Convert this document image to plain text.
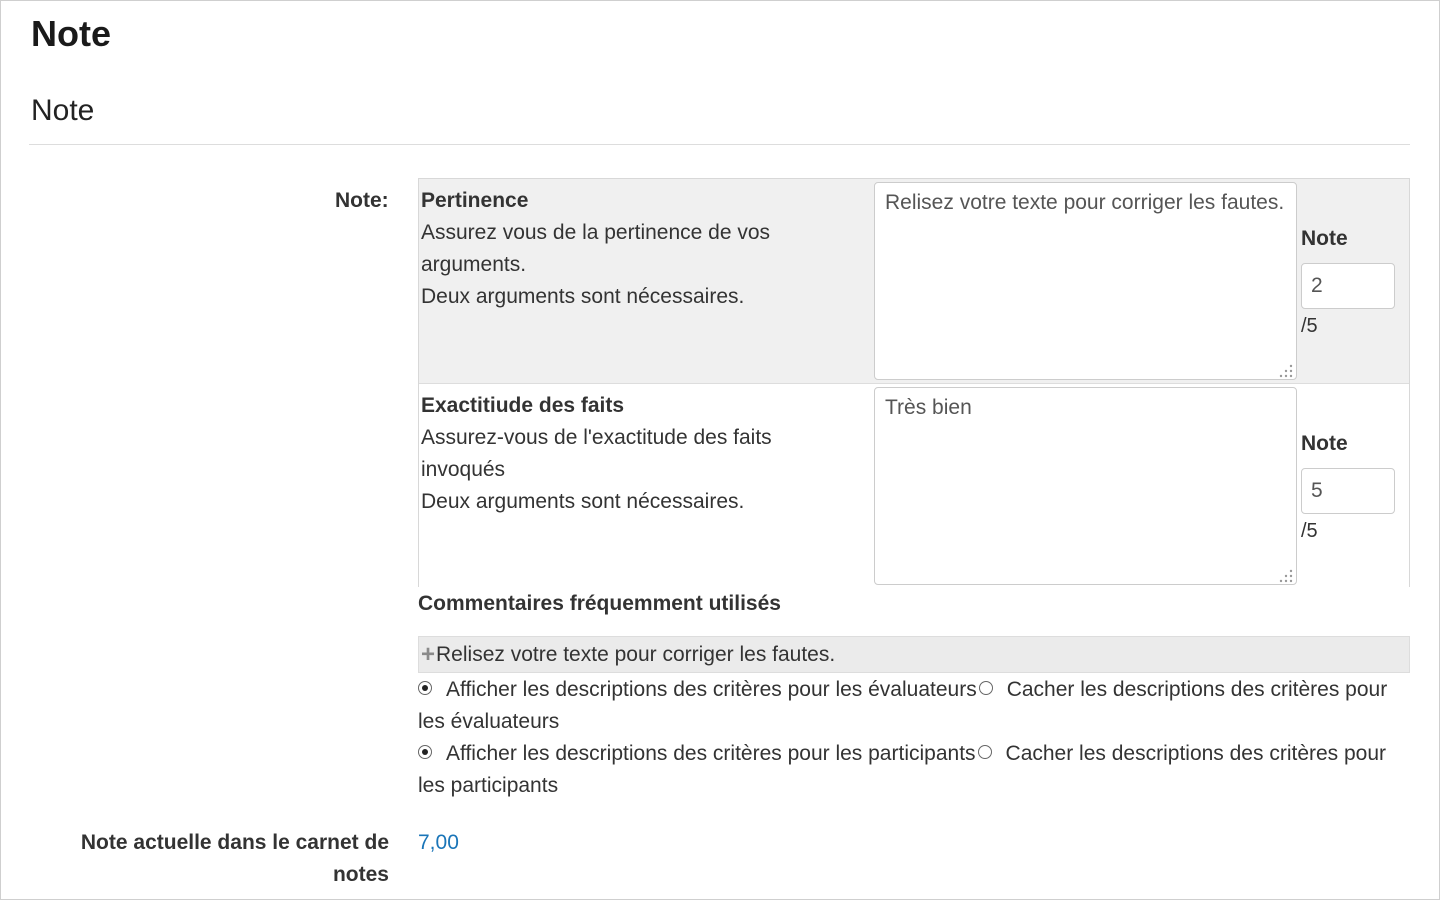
Note
Note
Note: Pertinence
Assurez vous de la pertinence de vos arguments.
Deux arguments sont nécessaires.
Relisez votre texte pour corriger les fautes.
Note
2
/5
Exactitiude des faits
Assurez-vous de l'exactitude des faits invoqués
Deux arguments sont nécessaires.
Très bien
Note
5
/5
Commentaires fréquemment utilisés
+Relisez votre texte pour corriger les fautes.

Afficher les descriptions des critères pour les évaluateurs Cacher les descriptions des critères pour les évaluateurs

Afficher les descriptions des critères pour les participants Cacher les descriptions des critères pour les participants

Note actuelle dans le carnet de notes
7,00
